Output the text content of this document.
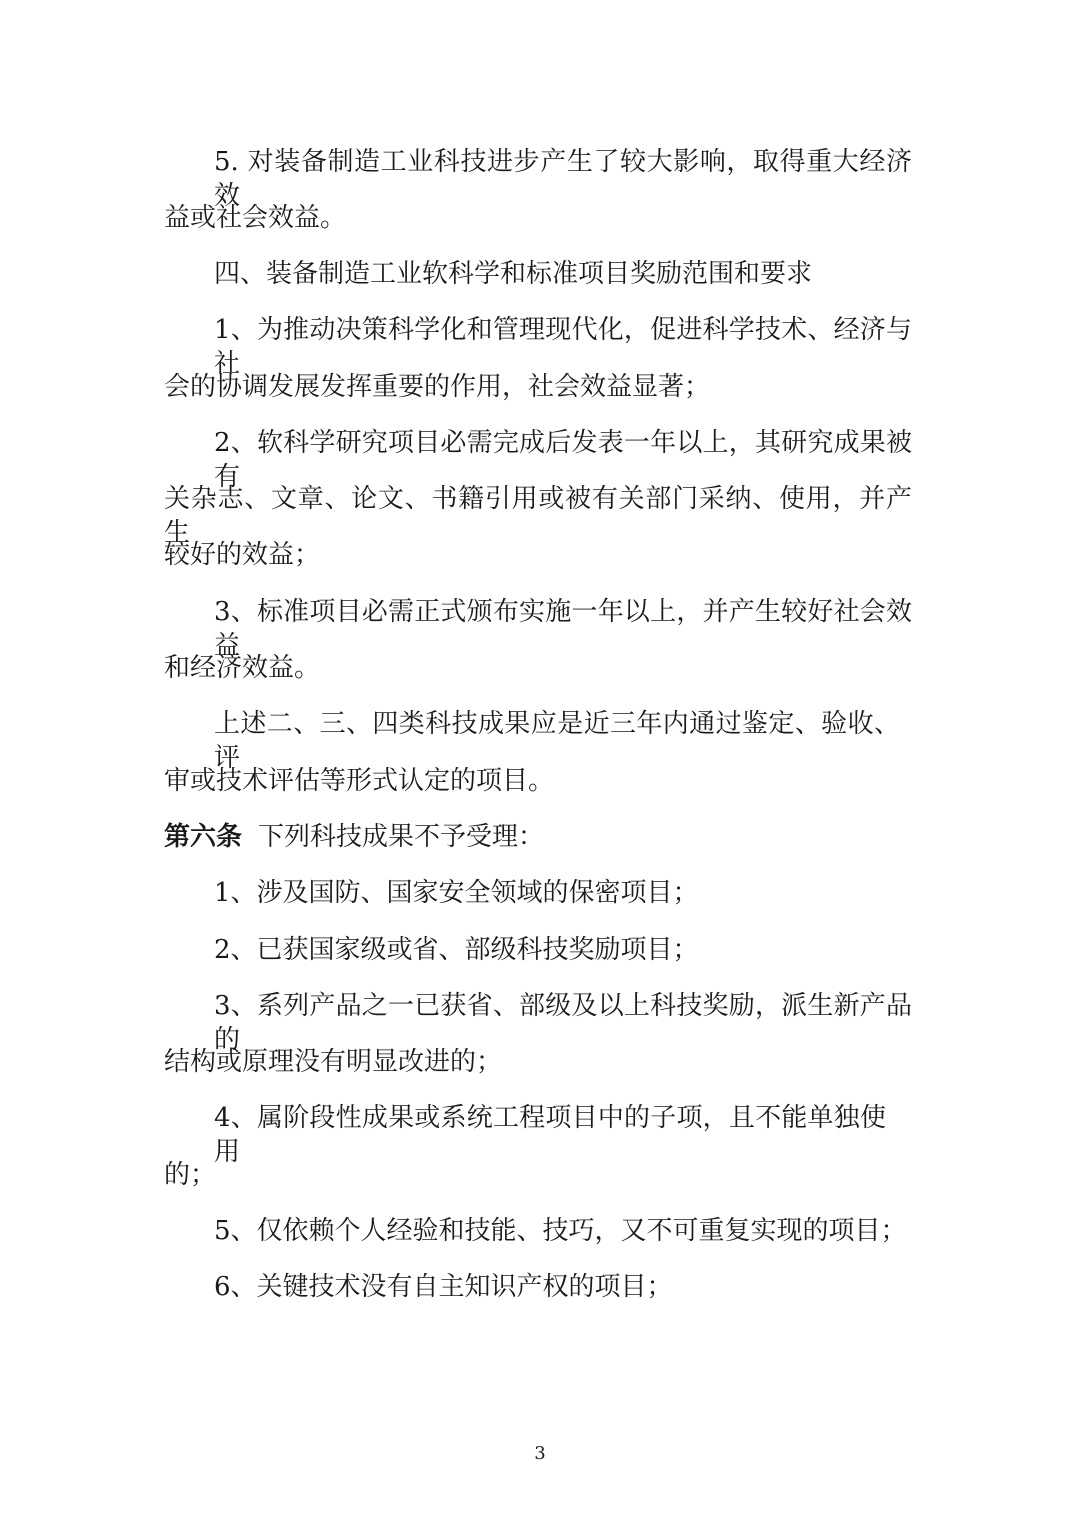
5. 对装备制造工业科技进步产生了较大影响，取得重大经济效

益或社会效益。

四、装备制造工业软科学和标准项目奖励范围和要求

1、为推动决策科学化和管理现代化，促进科学技术、经济与社

会的协调发展发挥重要的作用，社会效益显著；

2、软科学研究项目必需完成后发表一年以上，其研究成果被有

关杂志、文章、论文、书籍引用或被有关部门采纳、使用，并产生

较好的效益；

3、标准项目必需正式颁布实施一年以上，并产生较好社会效益

和经济效益。

上述二、三、四类科技成果应是近三年内通过鉴定、验收、评

审或技术评估等形式认定的项目。

第六条 下列科技成果不予受理：

1、涉及国防、国家安全领域的保密项目；

2、已获国家级或省、部级科技奖励项目；

3、系列产品之一已获省、部级及以上科技奖励，派生新产品的

结构或原理没有明显改进的；

4、属阶段性成果或系统工程项目中的子项，且不能单独使用

的；

5、仅依赖个人经验和技能、技巧，又不可重复实现的项目；

6、关键技术没有自主知识产权的项目；

3
